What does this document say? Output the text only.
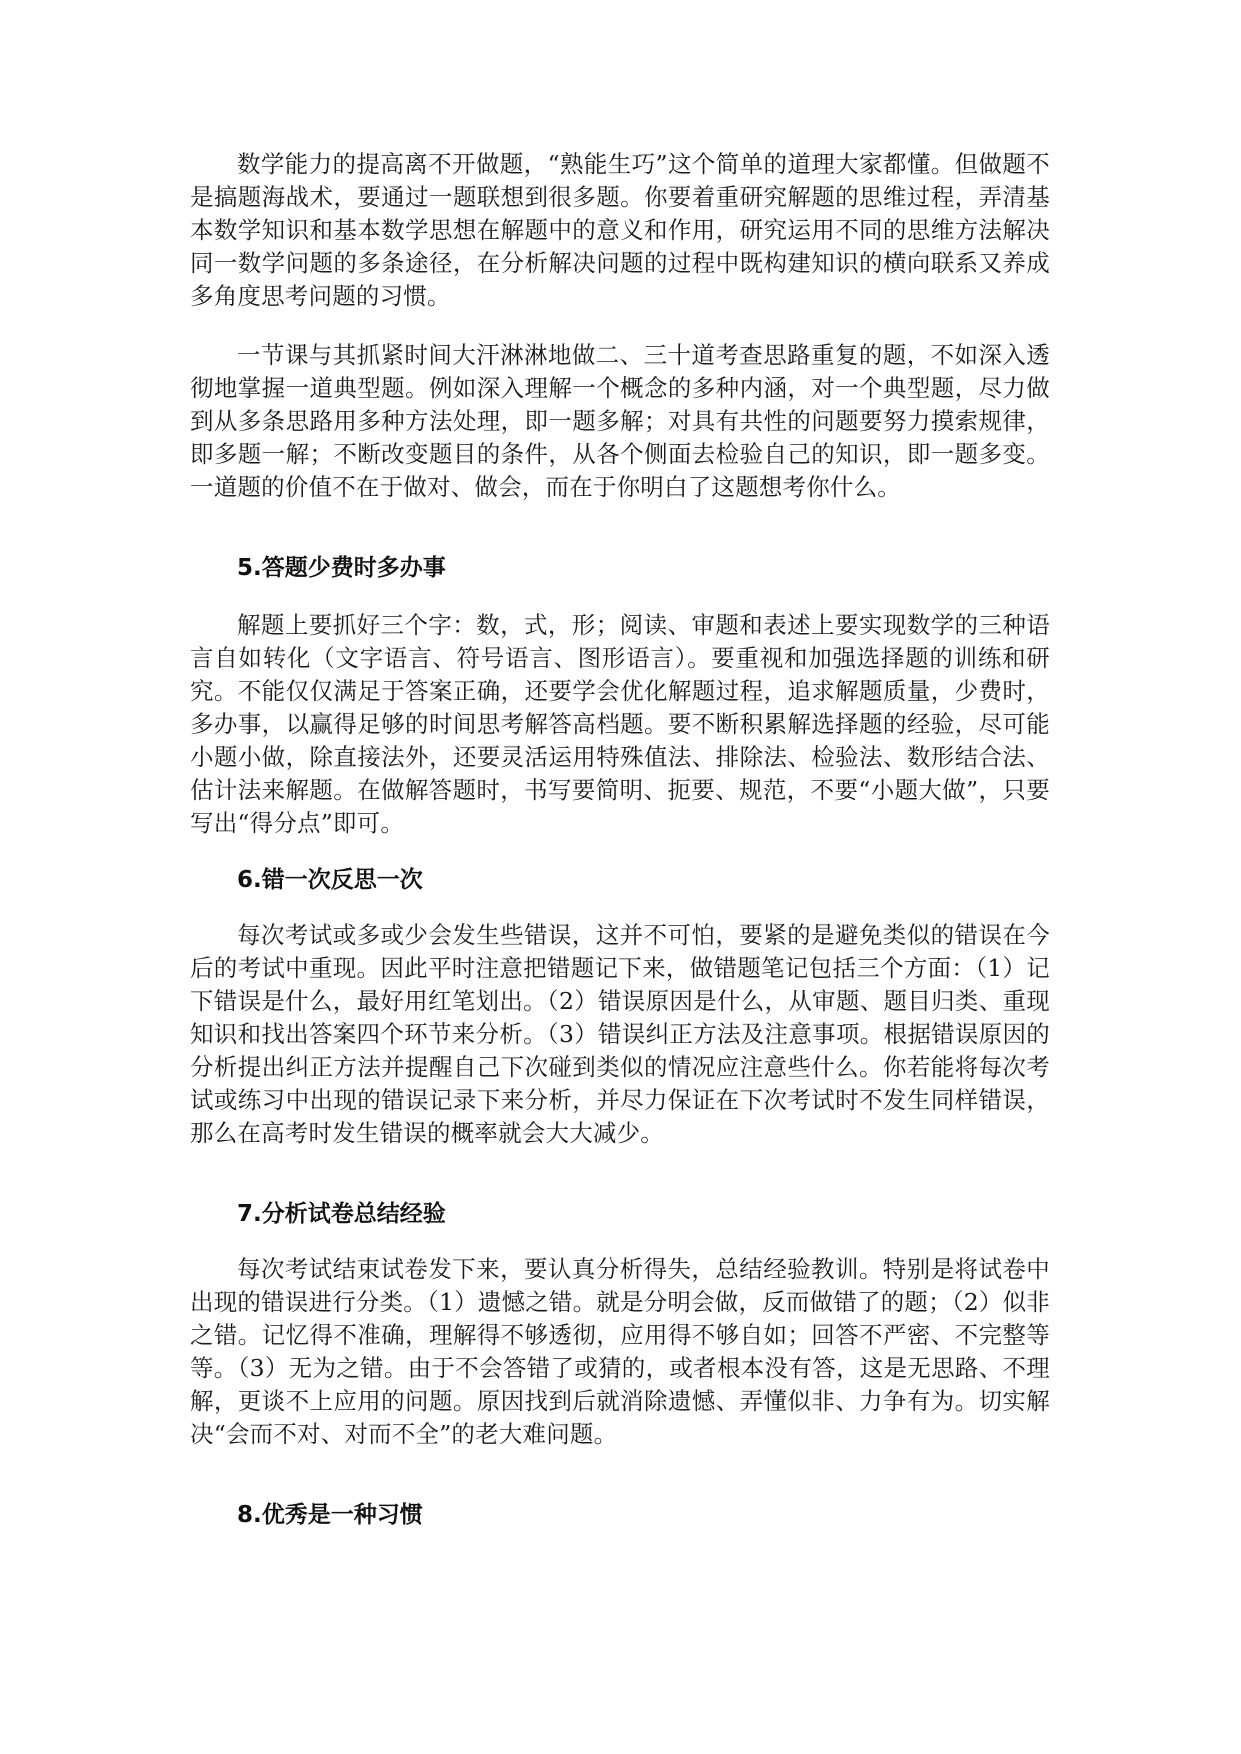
数学能力的提高离不开做题，“熟能生巧”这个简单的道理大家都懂。但做题不是搞题海战术，要通过一题联想到很多题。你要着重研究解题的思维过程，弄清基本数学知识和基本数学思想在解题中的意义和作用，研究运用不同的思维方法解决同一数学问题的多条途径，在分析解决问题的过程中既构建知识的横向联系又养成多角度思考问题的习惯。

一节课与其抓紧时间大汗淋淋地做二、三十道考查思路重复的题，不如深入透彻地掌握一道典型题。例如深入理解一个概念的多种内涵，对一个典型题，尽力做到从多条思路用多种方法处理，即一题多解；对具有共性的问题要努力摸索规律，即多题一解；不断改变题目的条件，从各个侧面去检验自己的知识，即一题多变。一道题的价值不在于做对、做会，而在于你明白了这题想考你什么。

5.答题少费时多办事

解题上要抓好三个字：数，式，形；阅读、审题和表述上要实现数学的三种语言自如转化（文字语言、符号语言、图形语言）。要重视和加强选择题的训练和研究。不能仅仅满足于答案正确，还要学会优化解题过程，追求解题质量，少费时，多办事，以赢得足够的时间思考解答高档题。要不断积累解选择题的经验，尽可能小题小做，除直接法外，还要灵活运用特殊值法、排除法、检验法、数形结合法、估计法来解题。在做解答题时，书写要简明、扼要、规范，不要“小题大做”，只要写出“得分点”即可。

6.错一次反思一次

每次考试或多或少会发生些错误，这并不可怕，要紧的是避免类似的错误在今后的考试中重现。因此平时注意把错题记下来，做错题笔记包括三个方面：（1）记下错误是什么，最好用红笔划出。（2）错误原因是什么，从审题、题目归类、重现知识和找出答案四个环节来分析。（3）错误纠正方法及注意事项。根据错误原因的分析提出纠正方法并提醒自己下次碰到类似的情况应注意些什么。你若能将每次考试或练习中出现的错误记录下来分析，并尽力保证在下次考试时不发生同样错误，那么在高考时发生错误的概率就会大大减少。

7.分析试卷总结经验

每次考试结束试卷发下来，要认真分析得失，总结经验教训。特别是将试卷中出现的错误进行分类。（1）遗憾之错。就是分明会做，反而做错了的题；（2）似非之错。记忆得不准确，理解得不够透彻，应用得不够自如；回答不严密、不完整等等。（3）无为之错。由于不会答错了或猜的，或者根本没有答，这是无思路、不理解，更谈不上应用的问题。原因找到后就消除遗憾、弄懂似非、力争有为。切实解决“会而不对、对而不全”的老大难问题。

8.优秀是一种习惯
